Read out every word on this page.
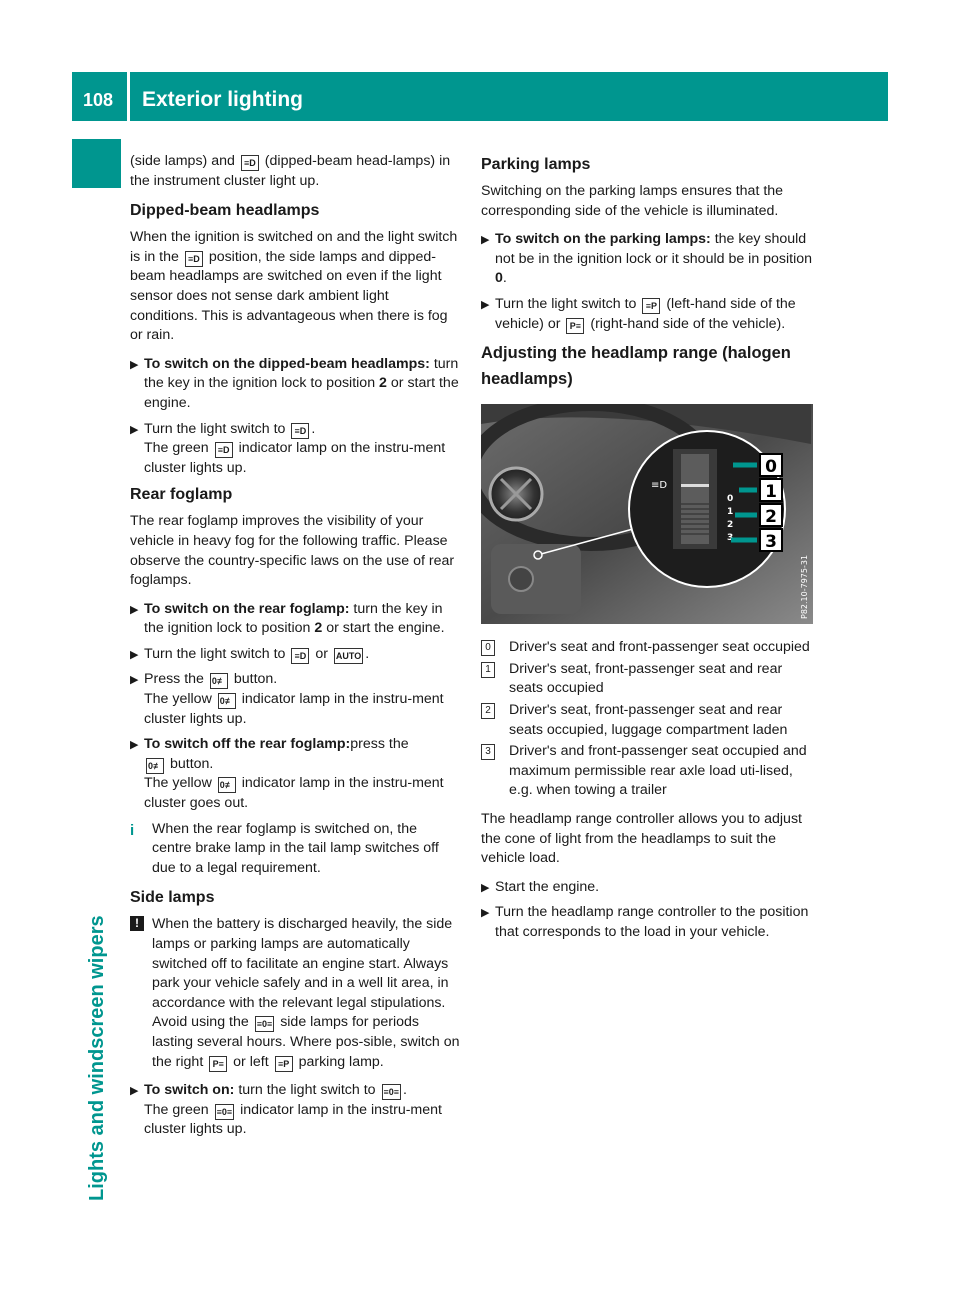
108	Exterior lighting
Lights and windscreen wipers

(side lamps) and ≡D (dipped-beam head-lamps) in the instrument cluster light up.

Dipped-beam headlamps

When the ignition is switched on and the light switch is in the ≡D position, the side lamps and dipped-beam headlamps are switched on even if the light sensor does not sense dark ambient light conditions. This is advantageous when there is fog or rain.

▶ To switch on the dipped-beam headlamps: turn the key in the ignition lock to position 2 or start the engine.
▶ Turn the light switch to ≡D .
The green ≡D indicator lamp on the instru-ment cluster lights up.
Rear foglamp

The rear foglamp improves the visibility of your vehicle in heavy fog for the following traffic. Please observe the country-specific laws on the use of rear foglamps.

▶ To switch on the rear foglamp: turn the key in the ignition lock to position 2 or start the engine.
▶ Turn the light switch to ≡D or AUTO .
▶ Press the 0≢ button.
The yellow 0≢ indicator lamp in the instru-ment cluster lights up.
▶ To switch off the rear foglamp:press the
0≢ button.
The yellow 0≢ indicator lamp in the instru-ment cluster goes out.
i	When the rear foglamp is switched on, the centre brake lamp in the tail lamp switches off due to a legal requirement.
Side lamps
! When the battery is discharged heavily, the side lamps or parking lamps are automatically switched off to facilitate an engine start. Always park your vehicle safely and in a well lit area, in accordance with the relevant legal stipulations. Avoid using the ≡0≡ side lamps for periods lasting several hours. Where pos-sible, switch on the right P≡ or left ≡P parking lamp.
▶ To switch on: turn the light switch to ≡0≡ .
The green ≡0≡ indicator lamp in the instru-ment cluster lights up.
Parking lamps

Switching on the parking lamps ensures that the corresponding side of the vehicle is illuminated.

▶ To switch on the parking lamps: the key should not be in the ignition lock or it should be in position 0.
▶ Turn the light switch to ≡P (left-hand side of the vehicle) or P≡ (right-hand side of the vehicle).
Adjusting the headlamp range (halogen headlamps)
≡D
0
1
2
3
0
1
2
3
P82.10-7975-31
0 Driver's seat and front-passenger seat occupied
1 Driver's seat, front-passenger seat and rear seats occupied
2 Driver's seat, front-passenger seat and rear seats occupied, luggage compartment laden
3 Driver's and front-passenger seat occupied and maximum permissible rear axle load uti-lised, e.g. when towing a trailer

The headlamp range controller allows you to adjust the cone of light from the headlamps to suit the vehicle load.

▶ Start the engine.
▶ Turn the headlamp range controller to the position that corresponds to the load in your vehicle.
